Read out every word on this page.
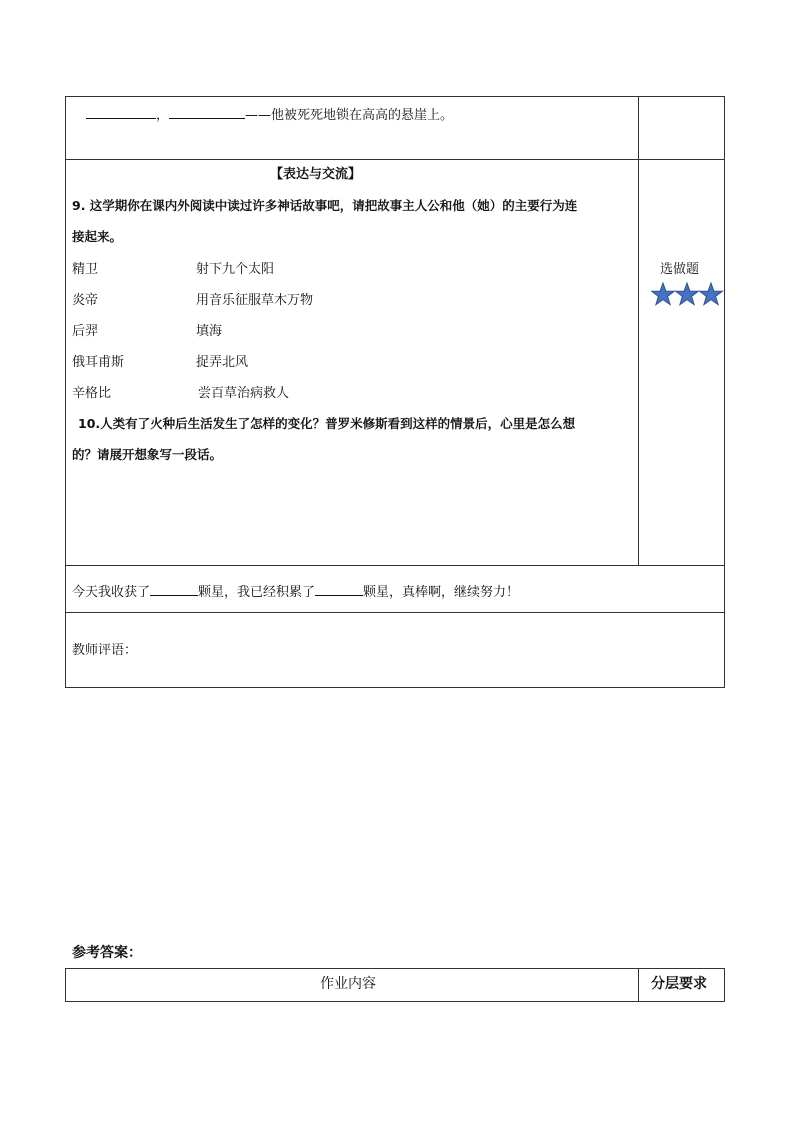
，	——他被死死地锁在高高的悬崖上。
【表达与交流】
9. 这学期你在课内外阅读中读过许多神话故事吧，请把故事主人公和他（她）的主要行为连
接起来。
精卫	射下九个太阳
炎帝	用音乐征服草木万物
后羿	填海
俄耳甫斯	捉弄北风
辛格比	尝百草治病救人
10.人类有了火种后生活发生了怎样的变化？普罗米修斯看到这样的情景后，心里是怎么想
的？请展开想象写一段话。
选做题
今天我收获了	颗星，我已经积累了	颗星，真棒啊，继续努力！
教师评语：
参考答案：
作业内容	分层要求
